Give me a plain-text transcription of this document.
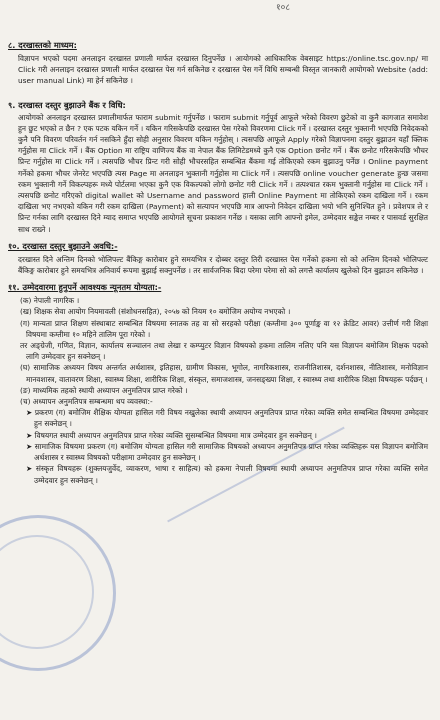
१०८
८. दरखास्तको माध्यम:
विज्ञापन भएको पदमा अनलाइन दरखास्त प्रणाली मार्फत दरखास्त दिनुपर्नेछ । आयोगको आधिकारिक वेबसाइट https://online.tsc.gov.np/ मा Click गरी अनलाइन दरखास्त प्रणाली मार्फत दरखास्त पेस गर्न सकिनेछ र दरखास्त पेस गर्ने विधि सम्बन्धी विस्तृत जानकारी आयोगको Website (add: user manual Link) मा हेर्न सकिनेछ ।
९. दरखास्त दस्तुर बुझाउने बैंक र विधि:
आयोगको अनलाइन दरखास्त प्रणालीमार्फत फाराम submit गर्नुपर्नेछ । फाराम submit गर्नुपूर्व आफूले भरेको विवरण छुटेको वा कुनै कागजात समावेश हुन छुट भएको त छैन ? एक पटक यकिन गर्ने । यकिन गरिसकेपछि दरखास्त पेस गरेको विवरणमा Click गर्ने । दरखास्त दस्तुर भुक्तानी भएपछि निवेदकको कुनै पनि विवरण परिवर्तन गर्न नसकिने हुँदा सोही अनुसार विवरण यकिन गर्नुहोस् । त्यसपछि आफूले Apply गरेको विज्ञापनमा दस्तुर बुझाउन यहाँ क्लिक गर्नुहोस मा Click गर्ने । बैंक Option मा राष्ट्रिय वाणिज्य बैंक वा नेपाल बैंक लिमिटेडमध्ये कुनै एक Option छनोट गर्ने । बैंक छनोट गरिसकेपछि भौचर प्रिन्ट गर्नुहोस मा Click गर्ने । त्यसपछि भौचर प्रिन्ट गरी सोही भौचरसहित सम्बन्धित बैंकमा गई तोकिएको रकम बुझाउनु पर्नेछ । Online payment गर्नेको हकमा भौचर जेनरेट भएपछि त्यस Page मा अनलाइन भुक्तानी गर्नुहोस मा Click गर्ने । त्यसपछि online voucher generate हुन्छ जसमा रकम भुक्तानी गर्ने विकल्पहरू मध्ये पोर्टलमा भएका कुनै एक विकल्पको लोगो छनोट गरी Click गर्ने । तत्पश्चात रकम भुक्तानी गर्नुहोस मा Click गर्ने । त्यसपछि छनोट गरिएको digital wallet को Username and password हाली Online Payment मा तोकिएको रकम दाखिला गर्ने । रकम दाखिला भए नभएको यकिन गरी रकम दाखिला (Payment) को सत्यापन भएपछि मात्र आफ्नो निवेदन दाखिला भयो भनि सुनिश्चित हुने । प्रवेशपत्र ले र प्रिन्ट गर्नका लागि दरखास्त दिने म्याद समाप्त भएपछि आयोगले सूचना प्रकाशन गर्नेछ । यसका लागि आफ्नो इमेल, उम्मेदवार सङ्केत नम्बर र पासवर्ड सुरक्षित साथ राख्ने ।
१०. दरखास्त दस्तुर बुझाउने अवधि:-
दरखास्त दिने अन्तिम दिनको भोलिपल्ट बैंकिङ्ग कारोबार हुने समयभित्र र दोब्बर दस्तुर तिरी दरखास्त पेस गर्नेको हकमा सो को अन्तिम दिनको भोलिपल्ट बैंकिङ्ग कारोबार हुने समयभित्र अनिवार्य रूपमा बुझाई सक्नुपर्नेछ । तर सार्वजनिक बिदा परेमा परेमा सो को लगत्तै कार्यालय खुलेको दिन बुझाउन सकिनेछ ।
११. उम्मेदवारमा हुनुपर्ने आवश्यक न्यूनतम योग्यता:-
(क) नेपाली नागरिक ।
(ख) शिक्षक सेवा आयोग नियमावली (संशोधनसहित), २०५७ को नियम १० बमोजिम अयोग्य नभएको ।
(ग) मान्यता प्राप्त शिक्षण संस्थाबाट सम्बन्धित विषयमा स्नातक तह वा सो सरहको परीक्षा (कम्तीमा ३०० पूर्णाङ्क वा १२ क्रेडिट आवर) उत्तीर्ण गरी शिक्षा विषयमा कम्तीमा १० महिने तालिम पूरा गरेको ।
तर अङ्ग्रेजी, गणित, विज्ञान, कार्यालय सञ्चालन तथा लेखा र कम्प्युटर विज्ञान विषयको हकमा तालिम नलिए पनि यस विज्ञापन बमोजिम शिक्षक पदको लागि उम्मेदवार हुन सक्नेछन् ।
(घ) सामाजिक अध्ययन विषय अन्तर्गत अर्थशास्त्र, इतिहास, ग्रामीण विकास, भूगोल, नागरिकशास्त्र, राजनीतिशास्त्र, दर्शनशास्त्र, नीतिशास्त्र, मनोविज्ञान मानवशास्त्र, वातावरण शिक्षा, स्वास्थ्य शिक्षा, शारीरिक शिक्षा, संस्कृत, समाजशास्त्र, जनसङ्ख्या शिक्षा, र स्वास्थ्य तथा शारीरिक शिक्षा विषयहरू पर्दछन् ।
(ङ) माध्यमिक तहको स्थायी अध्यापन अनुमतिपत्र प्राप्त गरेको ।
(च) अध्यापन अनुमतिपत्र सम्बन्धमा थप व्यवस्था:-
➤ प्रकरण (ग) बमोजिम शैक्षिक योग्यता हासिल गरी विषय नखुलेका स्थायी अध्यापन अनुमतिपत्र प्राप्त गरेका व्यक्ति समेत सम्बन्धित विषयमा उम्मेदवार हुन सक्नेछन् ।
➤ विषयगत स्थायी अध्यापन अनुमतिपत्र प्राप्त गरेका व्यक्ति सुसम्बन्धित विषयमा मात्र उम्मेदवार हुन सक्नेछन् ।
➤ सामाजिक विषयमा प्रकरण (ग) बमोजिम योग्यता हासिल गरी सामाजिक विषयको अध्यापन अनुमतिपत्र प्राप्त गरेका व्यक्तिहरू यस विज्ञापन बमोजिम अर्थशास्त्र र स्वास्थ्य विषयको परीक्षामा उम्मेदवार हुन सक्नेछन् ।
➤ संस्कृत विषयहरू (शुक्लयजुर्वेद, व्याकरण, भाषा र साहित्य) को हकमा नेपाली विषयमा स्थायी अध्यापन अनुमतिपत्र प्राप्त गरेका व्यक्ति समेत उम्मेदवार हुन सक्नेछन् ।
